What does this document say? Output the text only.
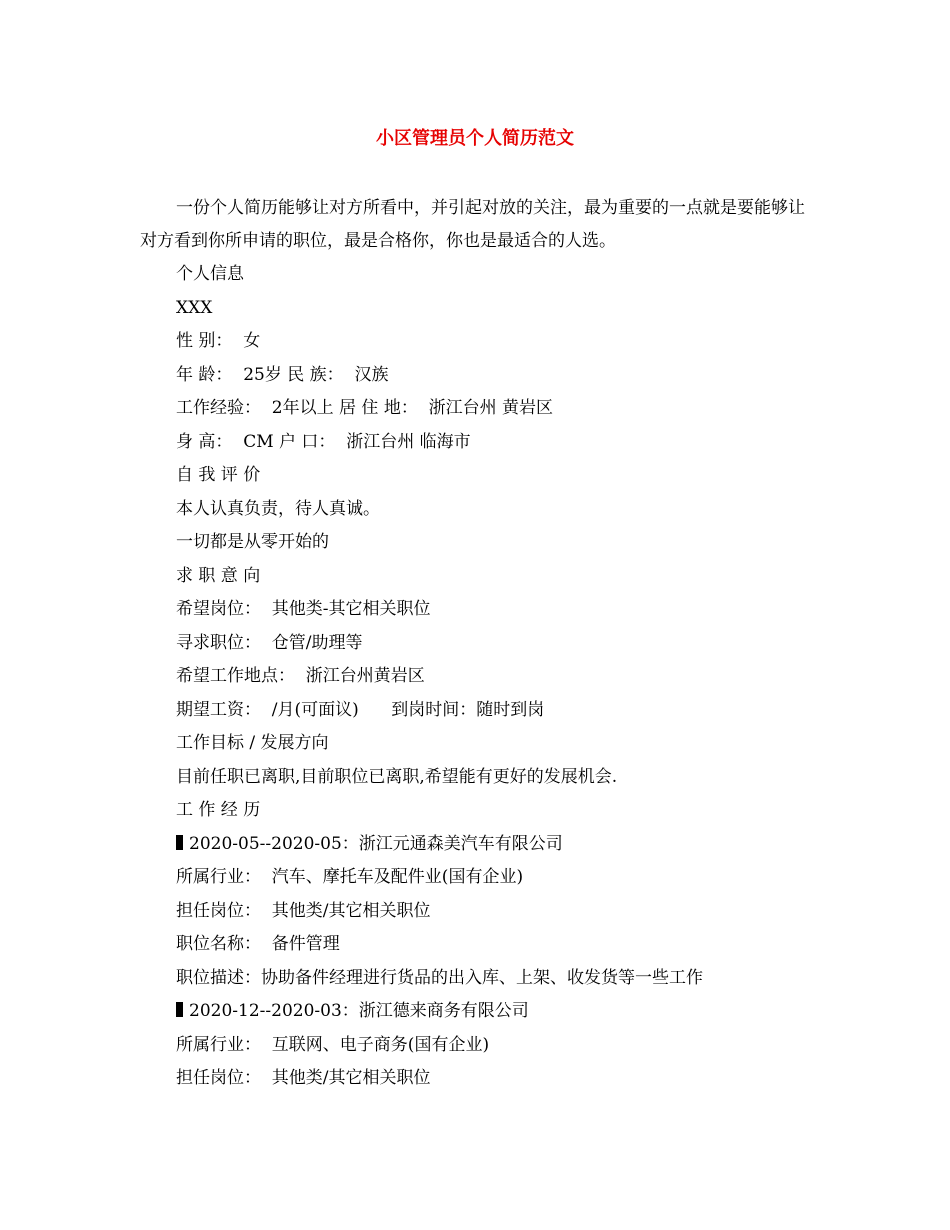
小区管理员个人简历范文
一份个人简历能够让对方所看中，并引起对放的关注，最为重要的一点就是要能够让对方看到你所申请的职位，最是合格你，你也是最适合的人选。
个人信息
XXX
性 别：  女
年 龄：  25岁 民 族：  汉族
工作经验：  2年以上 居 住 地：  浙江台州 黄岩区
身 高：  CM 户 口：  浙江台州 临海市
自 我 评 价
本人认真负责，待人真诚。
一切都是从零开始的
求 职 意 向
希望岗位：  其他类-其它相关职位
寻求职位：  仓管/助理等
希望工作地点：  浙江台州黄岩区
期望工资：  /月(可面议)      到岗时间：随时到岗
工作目标 / 发展方向
目前任职已离职,目前职位已离职,希望能有更好的发展机会.
工 作 经 历
2020-05--2020-05：浙江元通森美汽车有限公司
所属行业：  汽车、摩托车及配件业(国有企业)
担任岗位：  其他类/其它相关职位
职位名称：  备件管理
职位描述：协助备件经理进行货品的出入库、上架、收发货等一些工作
2020-12--2020-03：浙江德来商务有限公司
所属行业：  互联网、电子商务(国有企业)
担任岗位：  其他类/其它相关职位
